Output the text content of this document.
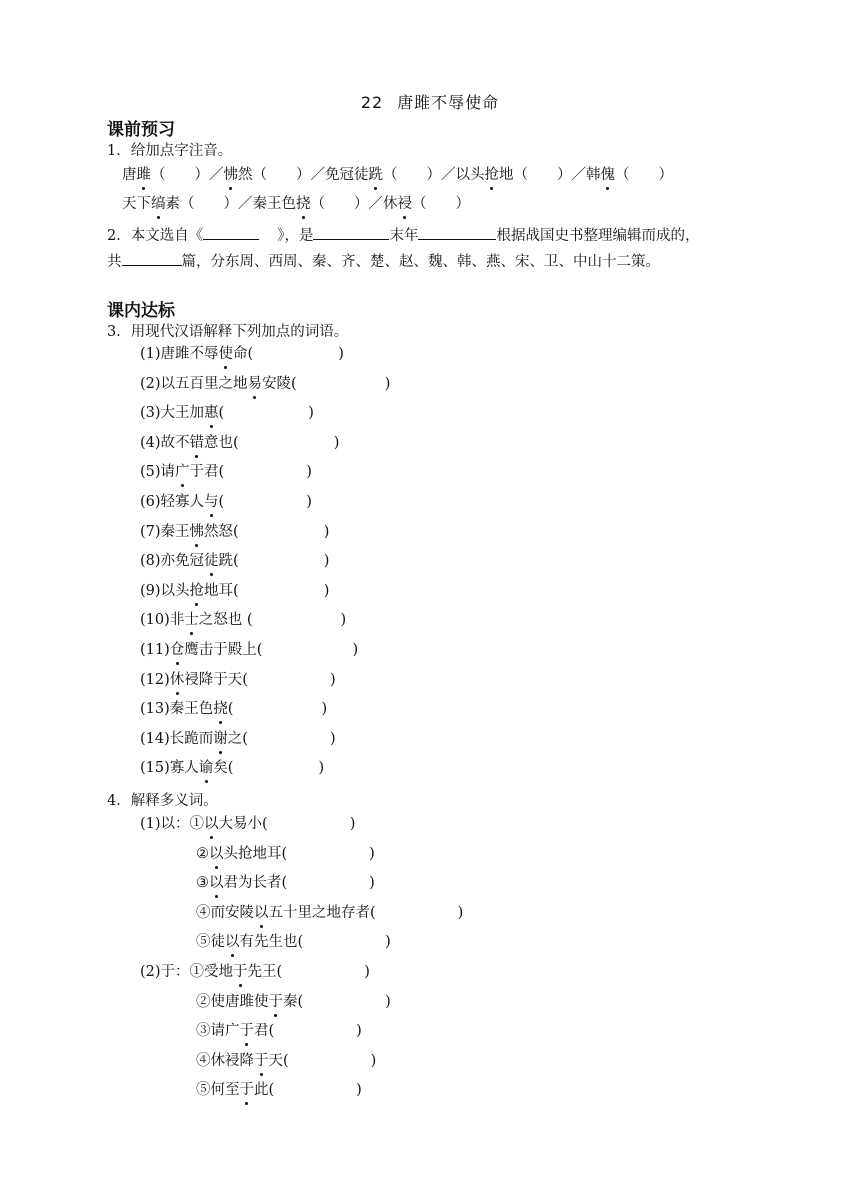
22 唐雎不辱使命
课前预习
1．给加点字注音。
唐雎（　　）／怫然（　　）／免冠徒跣（　　）／以头抢地（　　）／韩傀（　　）
天下缟素（　　）／秦王色挠（　　）／休祲（　　）
2．本文选自《	》，是	末年	根据战国史书整理编辑而成的，
共	篇，分东周、西周、秦、齐、楚、赵、魏、韩、燕、宋、卫、中山十二策。
课内达标
3．用现代汉语解释下列加点的词语。
(1)唐雎不辱使命(	)
(2)以五百里之地易安陵(	)
(3)大王加惠(	)
(4)故不错意也(	)
(5)请广于君(	)
(6)轻寡人与(	)
(7)秦王怫然怒(	)
(8)亦免冠徒跣(	)
(9)以头抢地耳(	)
(10)非士之怒也 (	)
(11)仓鹰击于殿上(	)
(12)休祲降于天(	)
(13)秦王色挠(	)
(14)长跪而谢之(	)
(15)寡人谕矣(	)
4．解释多义词。
(1)以：①以大易小(	)
②以头抢地耳(	)
③以君为长者(	)
④而安陵以五十里之地存者(	)
⑤徒以有先生也(	)
(2)于：①受地于先王(	)
②使唐雎使于秦(	)
③请广于君(	)
④休祲降于天(	)
⑤何至于此(	)
